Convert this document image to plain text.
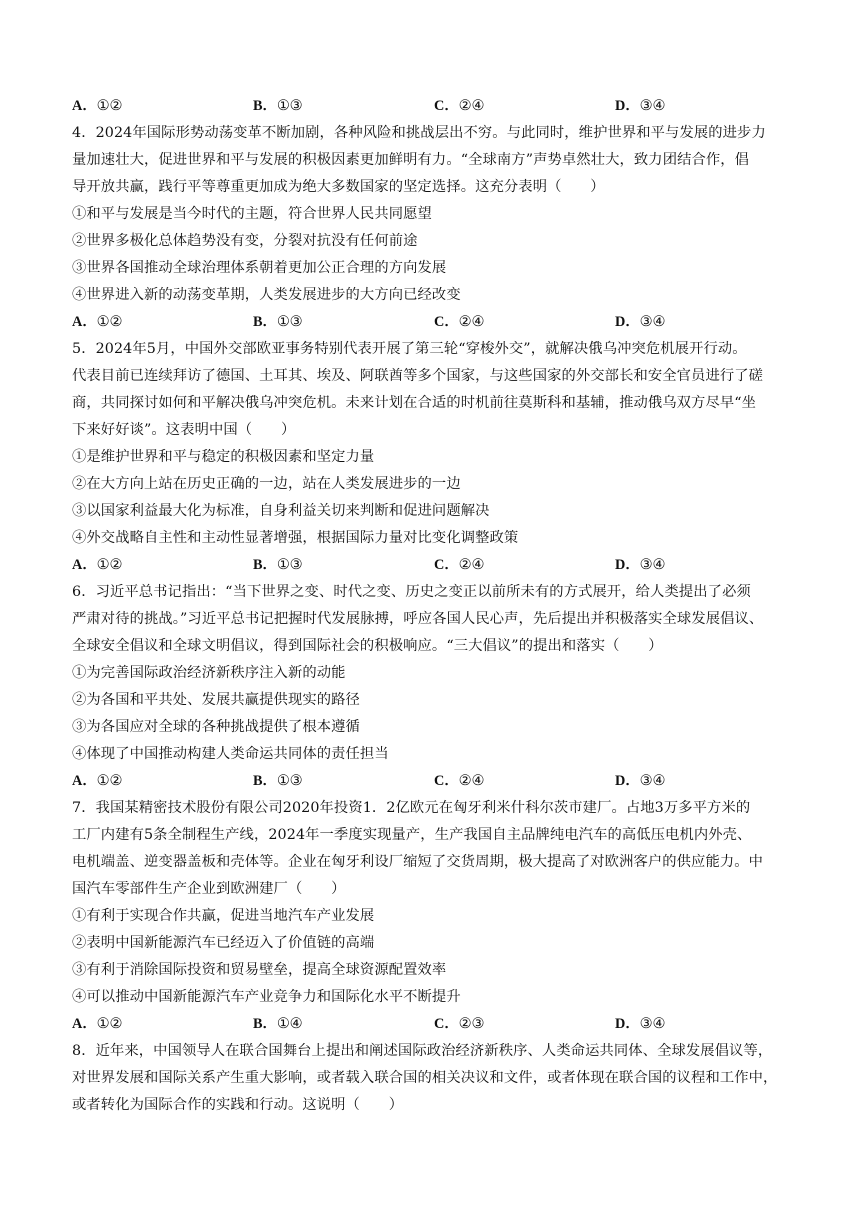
A．①②	B．①③	C．②④	D．③④
4．2024年国际形势动荡变革不断加剧，各种风险和挑战层出不穷。与此同时，维护世界和平与发展的进步力
量加速壮大，促进世界和平与发展的积极因素更加鲜明有力。“全球南方”声势卓然壮大，致力团结合作，倡
导开放共赢，践行平等尊重更加成为绝大多数国家的坚定选择。这充分表明（　　）
①和平与发展是当今时代的主题，符合世界人民共同愿望
②世界多极化总体趋势没有变，分裂对抗没有任何前途
③世界各国推动全球治理体系朝着更加公正合理的方向发展
④世界进入新的动荡变革期，人类发展进步的大方向已经改变
A．①②	B．①③	C．②④	D．③④
5．2024年5月，中国外交部欧亚事务特别代表开展了第三轮“穿梭外交”，就解决俄乌冲突危机展开行动。
代表目前已连续拜访了德国、土耳其、埃及、阿联酋等多个国家，与这些国家的外交部长和安全官员进行了磋
商，共同探讨如何和平解决俄乌冲突危机。未来计划在合适的时机前往莫斯科和基辅，推动俄乌双方尽早“坐
下来好好谈”。这表明中国（　　）
①是维护世界和平与稳定的积极因素和坚定力量
②在大方向上站在历史正确的一边，站在人类发展进步的一边
③以国家利益最大化为标准，自身利益关切来判断和促进问题解决
④外交战略自主性和主动性显著增强，根据国际力量对比变化调整政策
A．①②	B．①③	C．②④	D．③④
6．习近平总书记指出：“当下世界之变、时代之变、历史之变正以前所未有的方式展开，给人类提出了必须
严肃对待的挑战。”习近平总书记把握时代发展脉搏，呼应各国人民心声，先后提出并积极落实全球发展倡议、
全球安全倡议和全球文明倡议，得到国际社会的积极响应。“三大倡议”的提出和落实（　　）
①为完善国际政治经济新秩序注入新的动能
②为各国和平共处、发展共赢提供现实的路径
③为各国应对全球的各种挑战提供了根本遵循
④体现了中国推动构建人类命运共同体的责任担当
A．①②	B．①③	C．②④	D．③④
7．我国某精密技术股份有限公司2020年投资1．2亿欧元在匈牙利米什科尔茨市建厂。占地3万多平方米的
工厂内建有5条全制程生产线，2024年一季度实现量产，生产我国自主品牌纯电汽车的高低压电机内外壳、
电机端盖、逆变器盖板和壳体等。企业在匈牙利设厂缩短了交货周期，极大提高了对欧洲客户的供应能力。中
国汽车零部件生产企业到欧洲建厂（　　）
①有利于实现合作共赢，促进当地汽车产业发展
②表明中国新能源汽车已经迈入了价值链的高端
③有利于消除国际投资和贸易壁垒，提高全球资源配置效率
④可以推动中国新能源汽车产业竞争力和国际化水平不断提升
A．①②	B．①④	C．②③	D．③④
8．近年来，中国领导人在联合国舞台上提出和阐述国际政治经济新秩序、人类命运共同体、全球发展倡议等，
对世界发展和国际关系产生重大影响，或者载入联合国的相关决议和文件，或者体现在联合国的议程和工作中，
或者转化为国际合作的实践和行动。这说明（　　）
